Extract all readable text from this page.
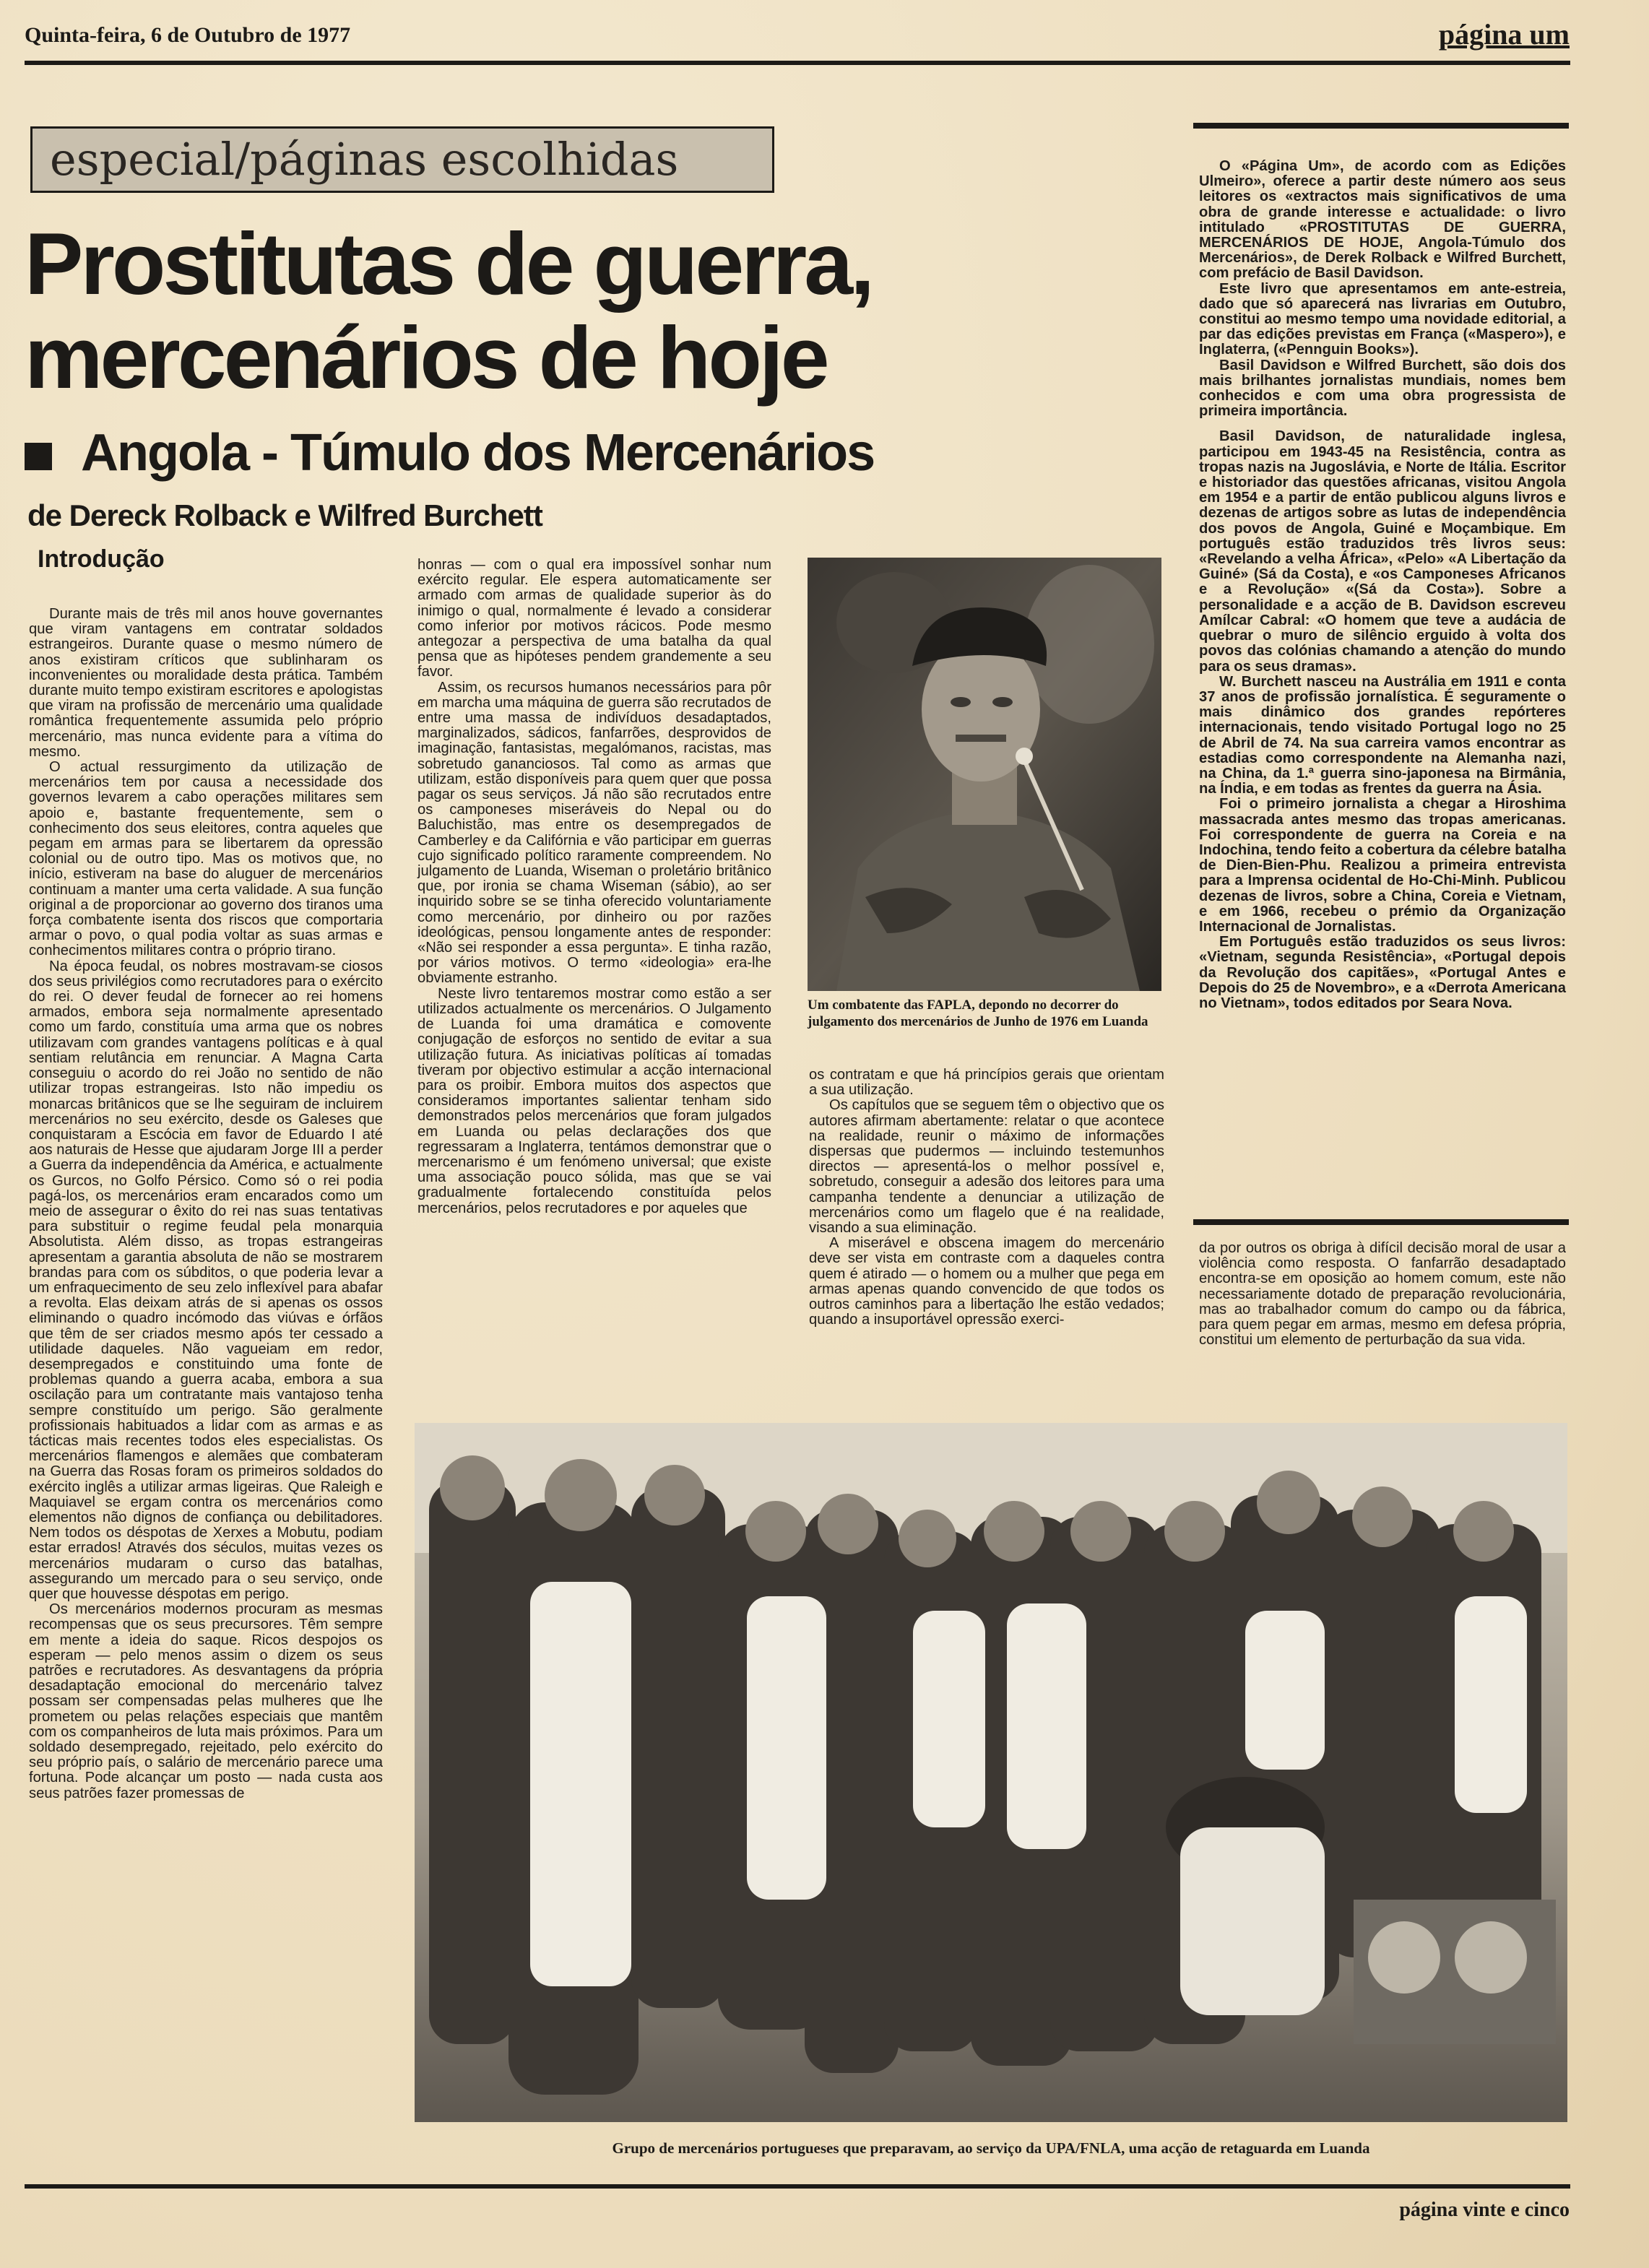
Quinta-feira, 6 de Outubro de 1977	página um
especial/páginas escolhidas
Prostitutas de guerra,
mercenários de hoje
Angola - Túmulo dos Mercenários
de Dereck Rolback e Wilfred Burchett
Introdução

Durante mais de três mil anos houve governantes que viram vantagens em contratar soldados estrangeiros. Durante quase o mesmo número de anos existiram críticos que sublinharam os inconvenientes ou moralidade desta prática. Também durante muito tempo existiram escritores e apologistas que viram na profissão de mercenário uma qualidade romântica frequentemente assumida pelo próprio mercenário, mas nunca evidente para a vítima do mesmo.

O actual ressurgimento da utilização de mercenários tem por causa a necessidade dos governos levarem a cabo operações militares sem apoio e, bastante frequentemente, sem o conhecimento dos seus eleitores, contra aqueles que pegam em armas para se libertarem da opressão colonial ou de outro tipo. Mas os motivos que, no início, estiveram na base do aluguer de mercenários continuam a manter uma certa validade. A sua função original a de proporcionar ao governo dos tiranos uma força combatente isenta dos riscos que comportaria armar o povo, o qual podia voltar as suas armas e conhecimentos militares contra o próprio tirano.

Na época feudal, os nobres mostravam-se ciosos dos seus privilégios como recrutadores para o exército do rei. O dever feudal de fornecer ao rei homens armados, embora seja normalmente apresentado como um fardo, constituía uma arma que os nobres utilizavam com grandes vantagens políticas e à qual sentiam relutância em renunciar. A Magna Carta conseguiu o acordo do rei João no sentido de não utilizar tropas estrangeiras. Isto não impediu os monarcas britânicos que se lhe seguiram de incluirem mercenários no seu exército, desde os Galeses que conquistaram a Escócia em favor de Eduardo I até aos naturais de Hesse que ajudaram Jorge III a perder a Guerra da independência da América, e actualmente os Gurcos, no Golfo Pérsico. Como só o rei podia pagá-los, os mercenários eram encarados como um meio de assegurar o êxito do rei nas suas tentativas para substituir o regime feudal pela monarquia Absolutista. Além disso, as tropas estrangeiras apresentam a garantia absoluta de não se mostrarem brandas para com os súbditos, o que poderia levar a um enfraquecimento de seu zelo inflexível para abafar a revolta. Elas deixam atrás de si apenas os ossos eliminando o quadro incómodo das viúvas e órfãos que têm de ser criados mesmo após ter cessado a utilidade daqueles. Não vagueiam em redor, desempregados e constituindo uma fonte de problemas quando a guerra acaba, embora a sua oscilação para um contratante mais vantajoso tenha sempre constituído um perigo. São geralmente profissionais habituados a lidar com as armas e as tácticas mais recentes todos eles especialistas. Os mercenários flamengos e alemães que combateram na Guerra das Rosas foram os primeiros soldados do exército inglês a utilizar armas ligeiras. Que Raleigh e Maquiavel se ergam contra os mercenários como elementos não dignos de confiança ou debilitadores. Nem todos os déspotas de Xerxes a Mobutu, podiam estar errados! Através dos séculos, muitas vezes os mercenários mudaram o curso das batalhas, assegurando um mercado para o seu serviço, onde quer que houvesse déspotas em perigo.

Os mercenários modernos procuram as mesmas recompensas que os seus precursores. Têm sempre em mente a ideia do saque. Ricos despojos os esperam — pelo menos assim o dizem os seus patrões e recrutadores. As desvantagens da própria desadaptação emocional do mercenário talvez possam ser compensadas pelas mulheres que lhe prometem ou pelas relações especiais que mantêm com os companheiros de luta mais próximos. Para um soldado desempregado, rejeitado, pelo exército do seu próprio país, o salário de mercenário parece uma fortuna. Pode alcançar um posto — nada custa aos seus patrões fazer promessas de

honras — com o qual era impossível sonhar num exército regular. Ele espera automaticamente ser armado com armas de qualidade superior às do inimigo o qual, normalmente é levado a considerar como inferior por motivos rácicos. Pode mesmo antegozar a perspectiva de uma batalha da qual pensa que as hipóteses pendem grandemente a seu favor.

Assim, os recursos humanos necessários para pôr em marcha uma máquina de guerra são recrutados de entre uma massa de indivíduos desadaptados, marginalizados, sádicos, fanfarrões, desprovidos de imaginação, fantasistas, megalómanos, racistas, mas sobretudo gananciosos. Tal como as armas que utilizam, estão disponíveis para quem quer que possa pagar os seus serviços. Já não são recrutados entre os camponeses miseráveis do Nepal ou do Baluchistão, mas entre os desempregados de Camberley e da Califórnia e vão participar em guerras cujo significado político raramente compreendem. No julgamento de Luanda, Wiseman o proletário britânico que, por ironia se chama Wiseman (sábio), ao ser inquirido sobre se se tinha oferecido voluntariamente como mercenário, por dinheiro ou por razões ideológicas, pensou longamente antes de responder: «Não sei responder a essa pergunta». E tinha razão, por vários motivos. O termo «ideologia» era-lhe obviamente estranho.

Neste livro tentaremos mostrar como estão a ser utilizados actualmente os mercenários. O Julgamento de Luanda foi uma dramática e comovente conjugação de esforços no sentido de evitar a sua utilização futura. As iniciativas políticas aí tomadas tiveram por objectivo estimular a acção internacional para os proibir. Embora muitos dos aspectos que consideramos importantes salientar tenham sido demonstrados pelos mercenários que foram julgados em Luanda ou pelas declarações dos que regressaram a Inglaterra, tentámos demonstrar que o mercenarismo é um fenómeno universal; que existe uma associação pouco sólida, mas que se vai gradualmente fortalecendo constituída pelos mercenários, pelos recrutadores e por aqueles que

Um combatente das FAPLA, depondo no decorrer do julgamento dos mercenários de Junho de 1976 em Luanda

os contratam e que há princípios gerais que orientam a sua utilização.

Os capítulos que se seguem têm o objectivo que os autores afirmam abertamente: relatar o que acontece na realidade, reunir o máximo de informações dispersas que pudermos — incluindo testemunhos directos — apresentá-los o melhor possível e, sobretudo, conseguir a adesão dos leitores para uma campanha tendente a denunciar a utilização de mercenários como um flagelo que é na realidade, visando a sua eliminação.

A miserável e obscena imagem do mercenário deve ser vista em contraste com a daqueles contra quem é atirado — o homem ou a mulher que pega em armas apenas quando convencido de que todos os outros caminhos para a libertação lhe estão vedados; quando a insuportável opressão exerci-

O «Página Um», de acordo com as Edições Ulmeiro», oferece a partir deste número aos seus leitores os «extractos mais significativos de uma obra de grande interesse e actualidade: o livro intitulado «PROSTITUTAS DE GUERRA, MERCENÁRIOS DE HOJE, Angola-Túmulo dos Mercenários», de Derek Rolback e Wilfred Burchett, com prefácio de Basil Davidson.

Este livro que apresentamos em ante-estreia, dado que só aparecerá nas livrarias em Outubro, constitui ao mesmo tempo uma novidade editorial, a par das edições previstas em França («Maspero»), e Inglaterra, («Pennguin Books»).

Basil Davidson e Wilfred Burchett, são dois dos mais brilhantes jornalistas mundiais, nomes bem conhecidos e com uma obra progressista de primeira importância.

Basil Davidson, de naturalidade inglesa, participou em 1943-45 na Resistência, contra as tropas nazis na Jugoslávia, e Norte de Itália. Escritor e historiador das questões africanas, visitou Angola em 1954 e a partir de então publicou alguns livros e dezenas de artigos sobre as lutas de independência dos povos de Angola, Guiné e Moçambique. Em português estão traduzidos três livros seus: «Revelando a velha África», «Pelo» «A Libertação da Guiné» (Sá da Costa), e «os Camponeses Africanos e a Revolução» «(Sá da Costa»). Sobre a personalidade e a acção de B. Davidson escreveu Amílcar Cabral: «O homem que teve a audácia de quebrar o muro de silêncio erguido à volta dos povos das colónias chamando a atenção do mundo para os seus dramas».

W. Burchett nasceu na Austrália em 1911 e conta 37 anos de profissão jornalística. É seguramente o mais dinâmico dos grandes repórteres internacionais, tendo visitado Portugal logo no 25 de Abril de 74. Na sua carreira vamos encontrar as estadias como correspondente na Alemanha nazi, na China, da 1.ª guerra sino-japonesa na Birmânia, na Índia, e em todas as frentes da guerra na Ásia.

Foi o primeiro jornalista a chegar a Hiroshima massacrada antes mesmo das tropas americanas. Foi correspondente de guerra na Coreia e na Indochina, tendo feito a cobertura da célebre batalha de Dien-Bien-Phu. Realizou a primeira entrevista para a Imprensa ocidental de Ho-Chi-Minh. Publicou dezenas de livros, sobre a China, Coreia e Vietnam, e em 1966, recebeu o prémio da Organização Internacional de Jornalistas.

Em Português estão traduzidos os seus livros: «Vietnam, segunda Resistência», «Portugal depois da Revolução dos capitães», «Portugal Antes e Depois do 25 de Novembro», e a «Derrota Americana no Vietnam», todos editados por Seara Nova.

da por outros os obriga à difícil decisão moral de usar a violência como resposta. O fanfarrão desadaptado encontra-se em oposição ao homem comum, este não necessariamente dotado de preparação revolucionária, mas ao trabalhador comum do campo ou da fábrica, para quem pegar em armas, mesmo em defesa própria, constitui um elemento de perturbação da sua vida.

Grupo de mercenários portugueses que preparavam, ao serviço da UPA/FNLA, uma acção de retaguarda em Luanda
página vinte e cinco
